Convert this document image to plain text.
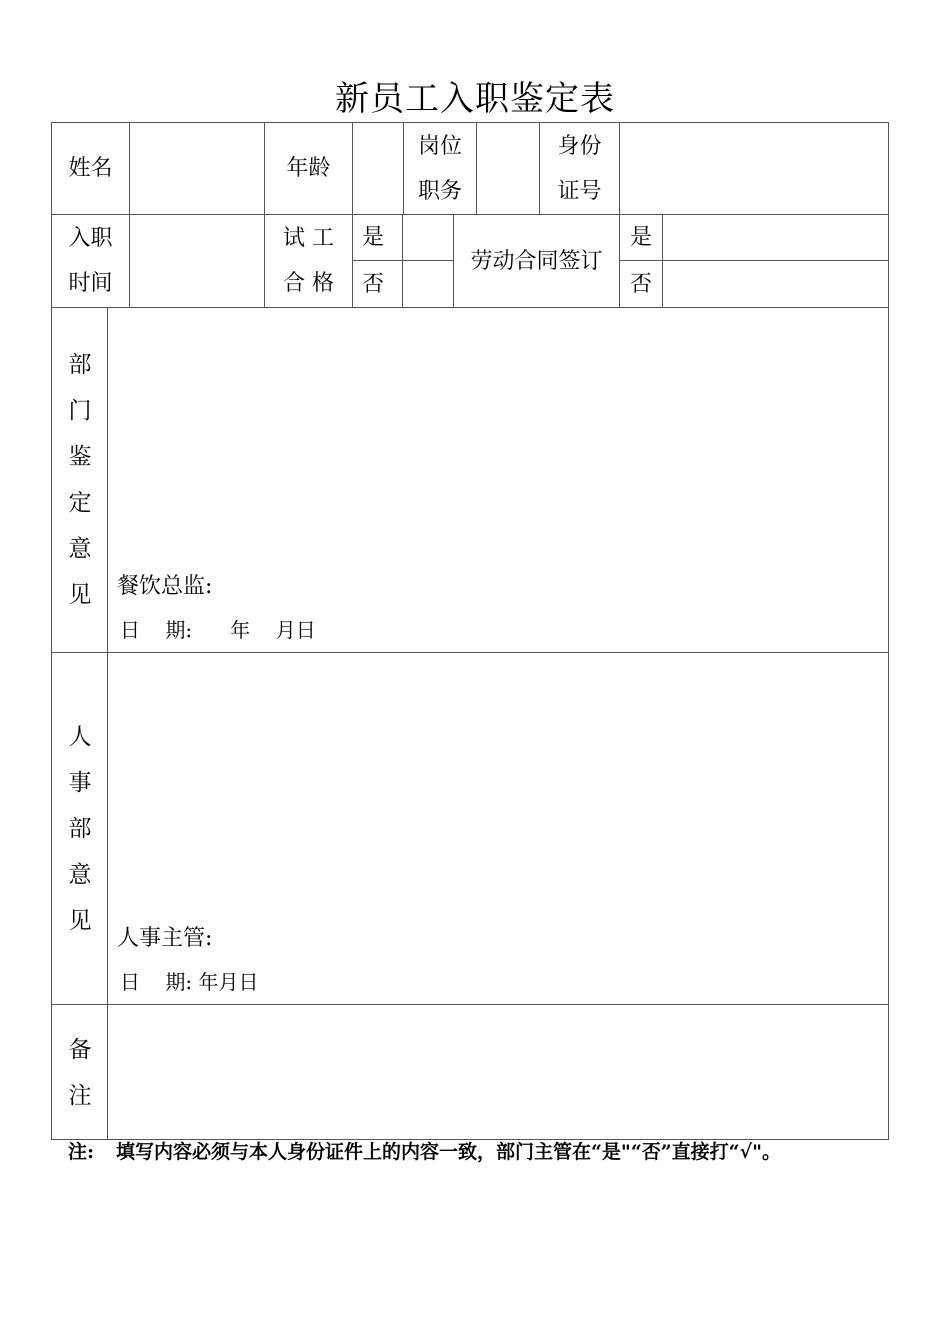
新员工入职鉴定表
姓名	年龄
岗位
职务
身份
证号
入职
时间
试 工
合 格
是
否
劳动合同签订
是
否
部
门
鉴
定
意
见 餐饮总监:
日    期:      年    月日
人
事
部
意
见
人事主管:
日    期: 年月日
备
注
注: 填写内容必须与本人身份证件上的内容一致，部门主管在“是"“否”直接打“√"。
